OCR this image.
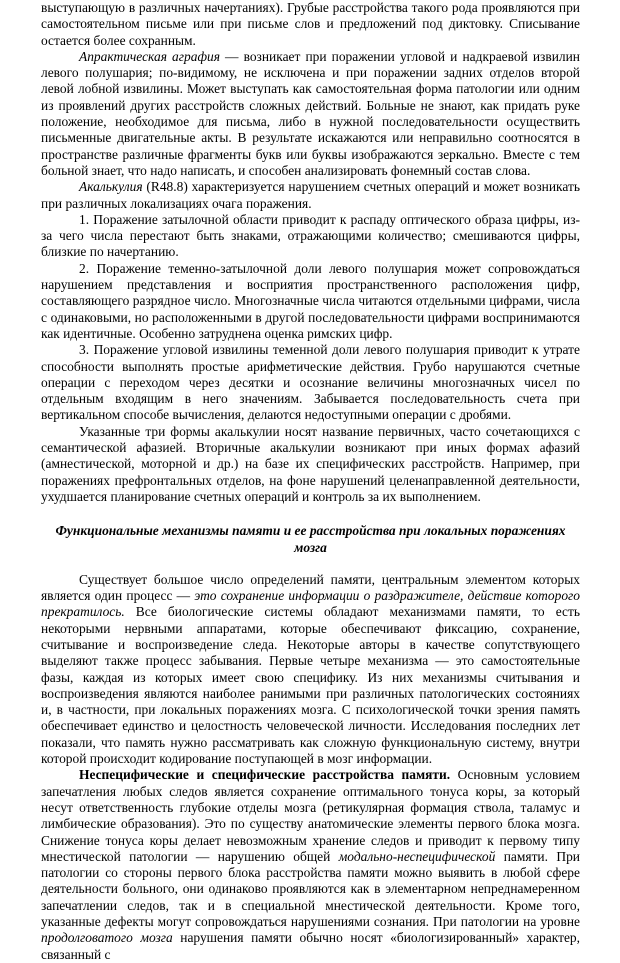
выступающую в различных начертаниях). Грубые расстройства такого рода проявляются при самостоятельном письме или при письме слов и предложений под диктовку. Списывание остается более сохранным.

Апрактическая аграфия — возникает при поражении угловой и надкраевой извилин левого полушария; по-видимому, не исключена и при поражении задних отделов второй левой лобной извилины. Может выступать как самостоятельная форма патологии или одним из проявлений других расстройств сложных действий. Больные не знают, как придать руке положение, необходимое для письма, либо в нужной последовательности осуществить письменные двигательные акты. В результате искажаются или неправильно соотносятся в пространстве различные фрагменты букв или буквы изображаются зеркально. Вместе с тем больной знает, что надо написать, и способен анализировать фонемный состав слова.

Акалькулия (R48.8) характеризуется нарушением счетных операций и может возникать при различных локализациях очага поражения.

1. Поражение затылочной области приводит к распаду оптического образа цифры, из-за чего числа перестают быть знаками, отражающими количество; смешиваются цифры, близкие по начертанию.

2. Поражение теменно-затылочной доли левого полушария может сопровождаться нарушением представления и восприятия пространственного расположения цифр, составляющего разрядное число. Многозначные числа читаются отдельными цифрами, числа с одинаковыми, но расположенными в другой последовательности цифрами воспринимаются как идентичные. Особенно затруднена оценка римских цифр.

3. Поражение угловой извилины теменной доли левого полушария приводит к утрате способности выполнять простые арифметические действия. Грубо нарушаются счетные операции с переходом через десятки и осознание величины многозначных чисел по отдельным входящим в него значениям. Забывается последовательность счета при вертикальном способе вычисления, делаются недоступными операции с дробями.

Указанные три формы акалькулии носят название первичных, часто сочетающихся с семантической афазией. Вторичные акалькулии возникают при иных формах афазий (амнестической, моторной и др.) на базе их специфических расстройств. Например, при поражениях префронтальных отделов, на фоне нарушений целенаправленной деятельности, ухудшается планирование счетных операций и контроль за их выполнением.

Функциональные механизмы памяти и ее расстройства при локальных поражениях мозга

Существует большое число определений памяти, центральным элементом которых является один процесс — это сохранение информации о раздражителе, действие которого прекратилось. Все биологические системы обладают механизмами памяти, то есть некоторыми нервными аппаратами, которые обеспечивают фиксацию, сохранение, считывание и воспроизведение следа. Некоторые авторы в качестве сопутствующего выделяют также процесс забывания. Первые четыре механизма — это самостоятельные фазы, каждая из которых имеет свою специфику. Из них механизмы считывания и воспроизведения являются наиболее ранимыми при различных патологических состояниях и, в частности, при локальных поражениях мозга. С психологической точки зрения память обеспечивает единство и целостность человеческой личности. Исследования последних лет показали, что память нужно рассматривать как сложную функциональную систему, внутри которой происходит кодирование поступающей в мозг информации.

Неспецифические и специфические расстройства памяти. Основным условием запечатления любых следов является сохранение оптимального тонуса коры, за который несут ответственность глубокие отделы мозга (ретикулярная формация ствола, таламус и лимбические образования). Это по существу анатомические элементы первого блока мозга. Снижение тонуса коры делает невозможным хранение следов и приводит к первому типу мнестической патологии — нарушению общей модально-неспецифической памяти. При патологии со стороны первого блока расстройства памяти можно выявить в любой сфере деятельности больного, они одинаково проявляются как в элементарном непреднамеренном запечатлении следов, так и в специальной мнестической деятельности. Кроме того, указанные дефекты могут сопровождаться нарушениями сознания. При патологии на уровне продолговатого мозга нарушения памяти обычно носят «биологизированный» характер, связанный с
